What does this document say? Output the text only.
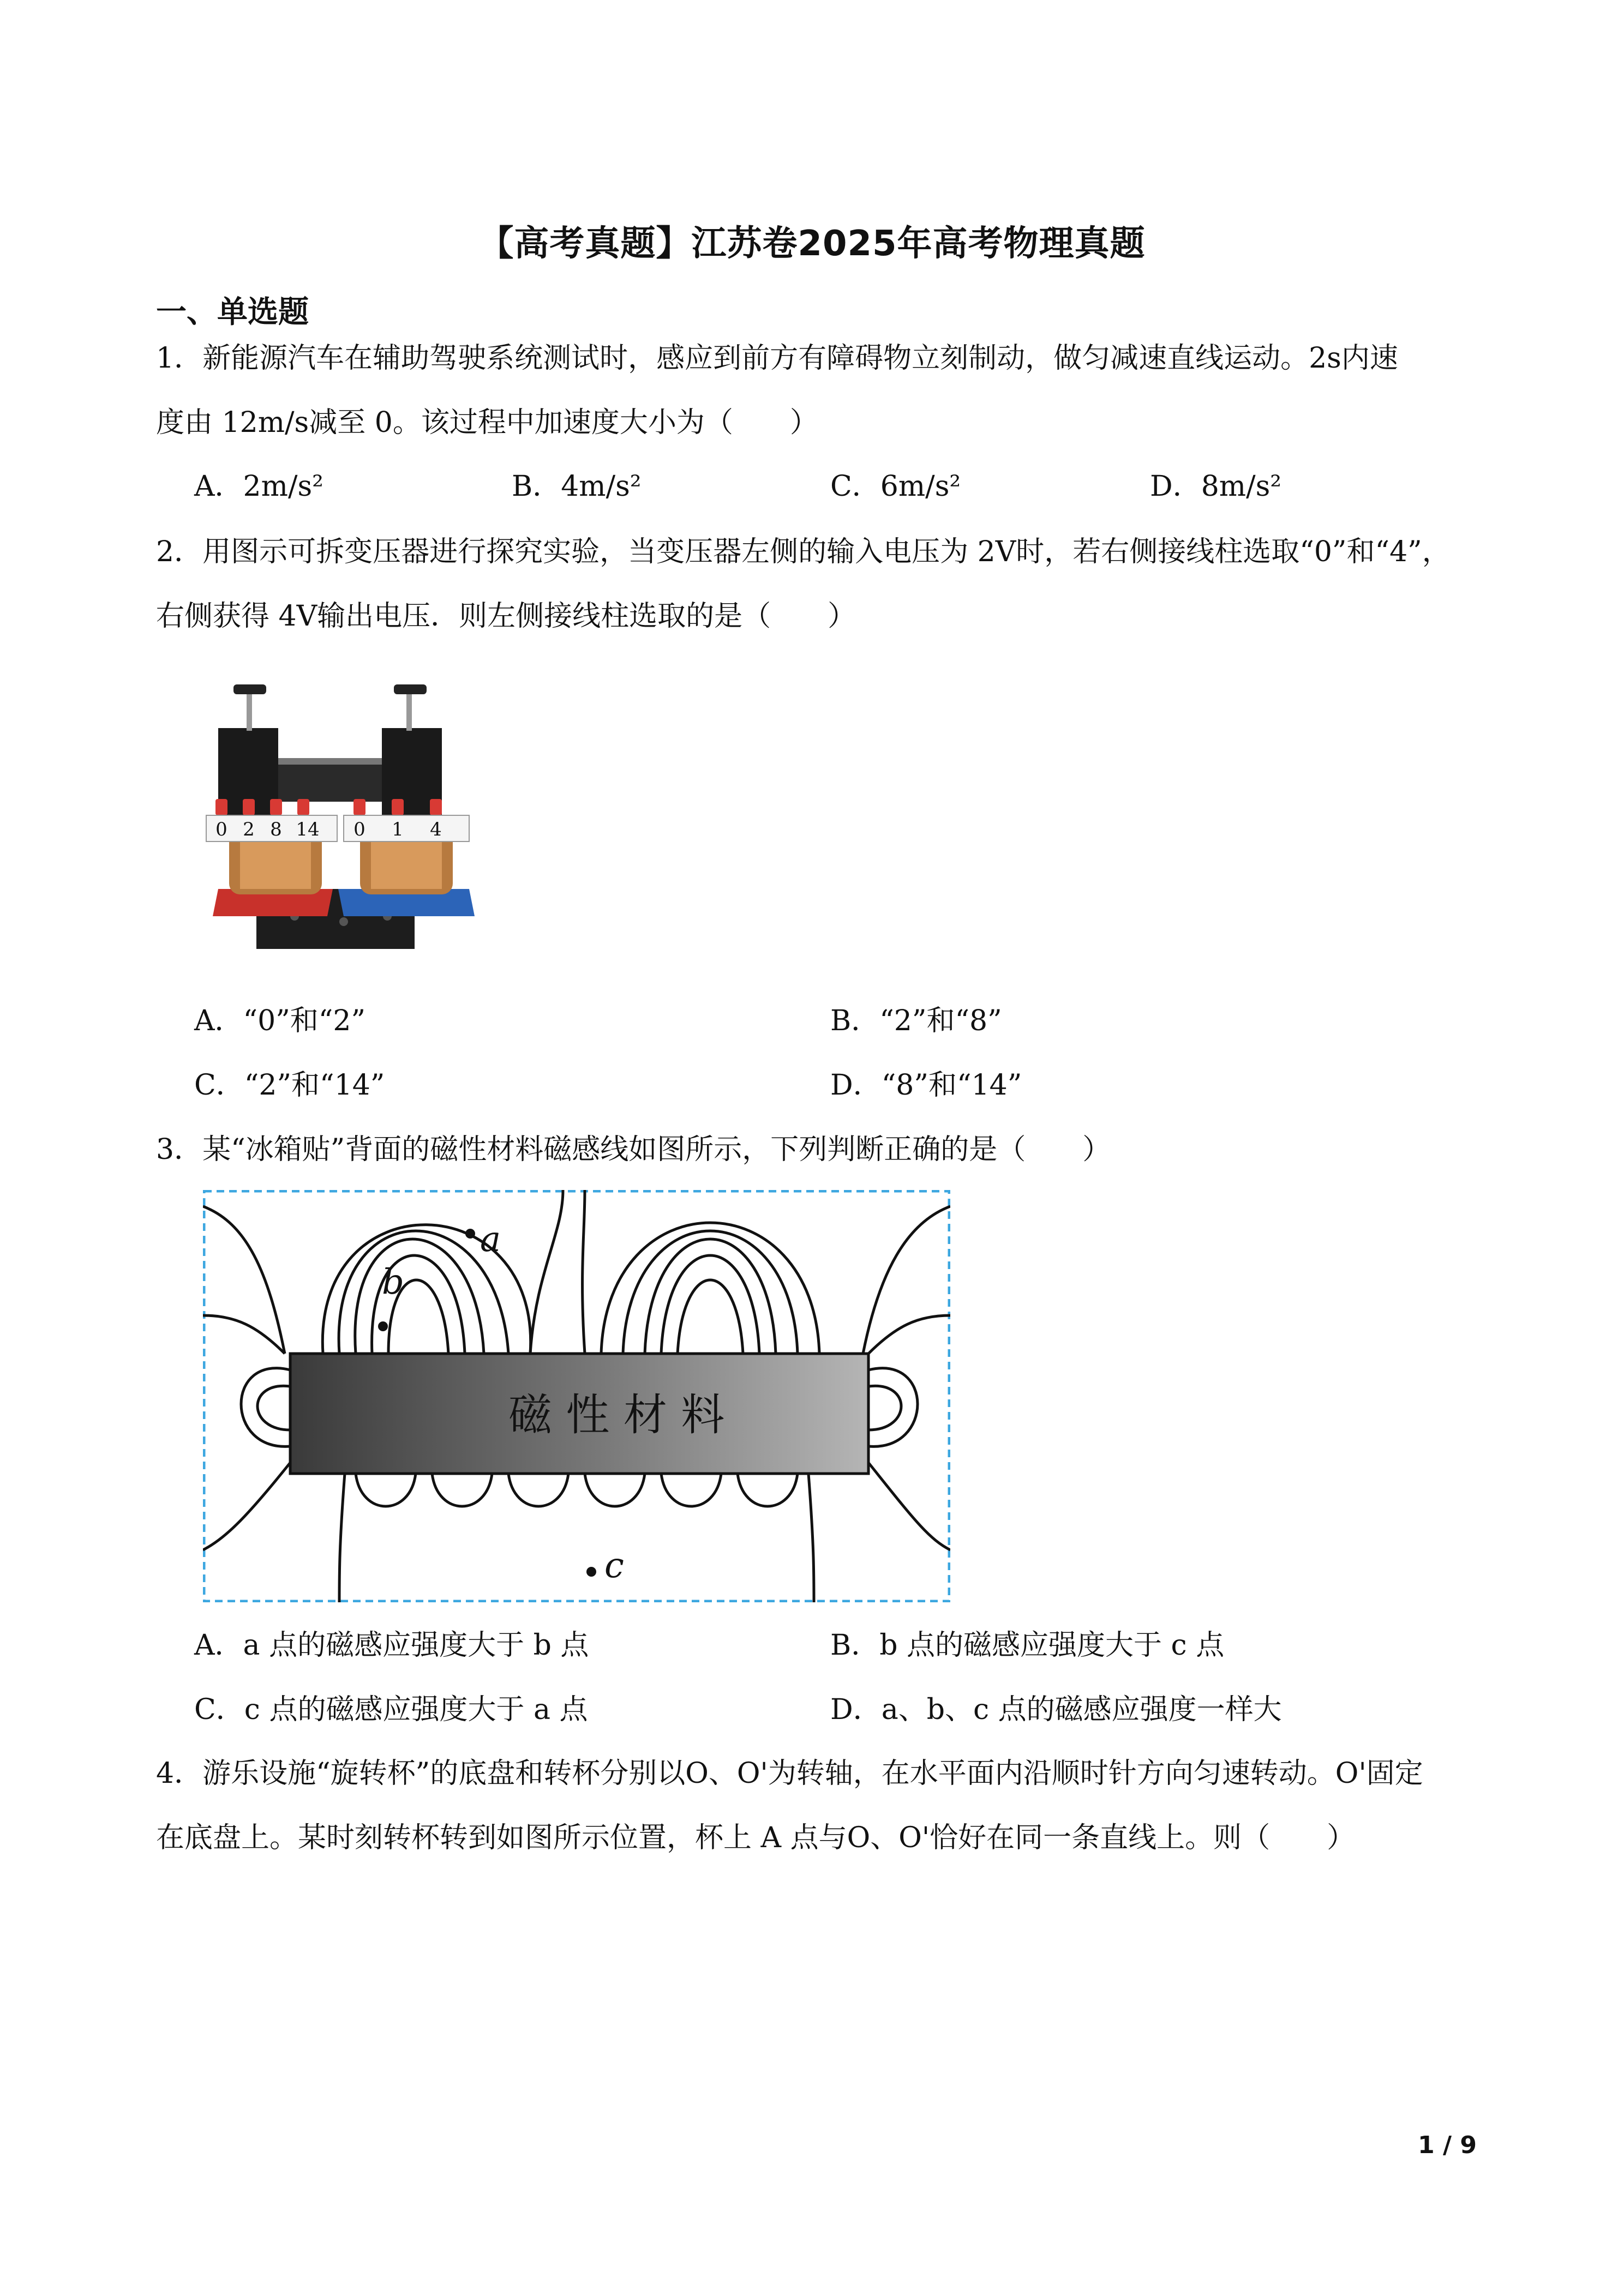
【高考真题】江苏卷2025年高考物理真题
一、单选题
1．新能源汽车在辅助驾驶系统测试时，感应到前方有障碍物立刻制动，做匀减速直线运动。2s内速
度由 12m/s减至 0。该过程中加速度大小为（　　）
A．2m/s²	B．4m/s²	C．6m/s²	D．8m/s²
2．用图示可拆变压器进行探究实验，当变压器左侧的输入电压为 2V时，若右侧接线柱选取“0”和“4”，
右侧获得 4V输出电压．则左侧接线柱选取的是（　　）
0 2 8 14 0 1 4
A．“0”和“2”	B．“2”和“8”
C．“2”和“14”	D．“8”和“14”
3．某“冰箱贴”背面的磁性材料磁感线如图所示，下列判断正确的是（　　）
磁 性 材 料
a
b
c
A．a 点的磁感应强度大于 b 点	B．b 点的磁感应强度大于 c 点
C．c 点的磁感应强度大于 a 点	D．a、b、c 点的磁感应强度一样大
4．游乐设施“旋转杯”的底盘和转杯分别以O、O'为转轴，在水平面内沿顺时针方向匀速转动。O'固定
在底盘上。某时刻转杯转到如图所示位置，杯上 A 点与O、O'恰好在同一条直线上。则（　　）
1 / 9
